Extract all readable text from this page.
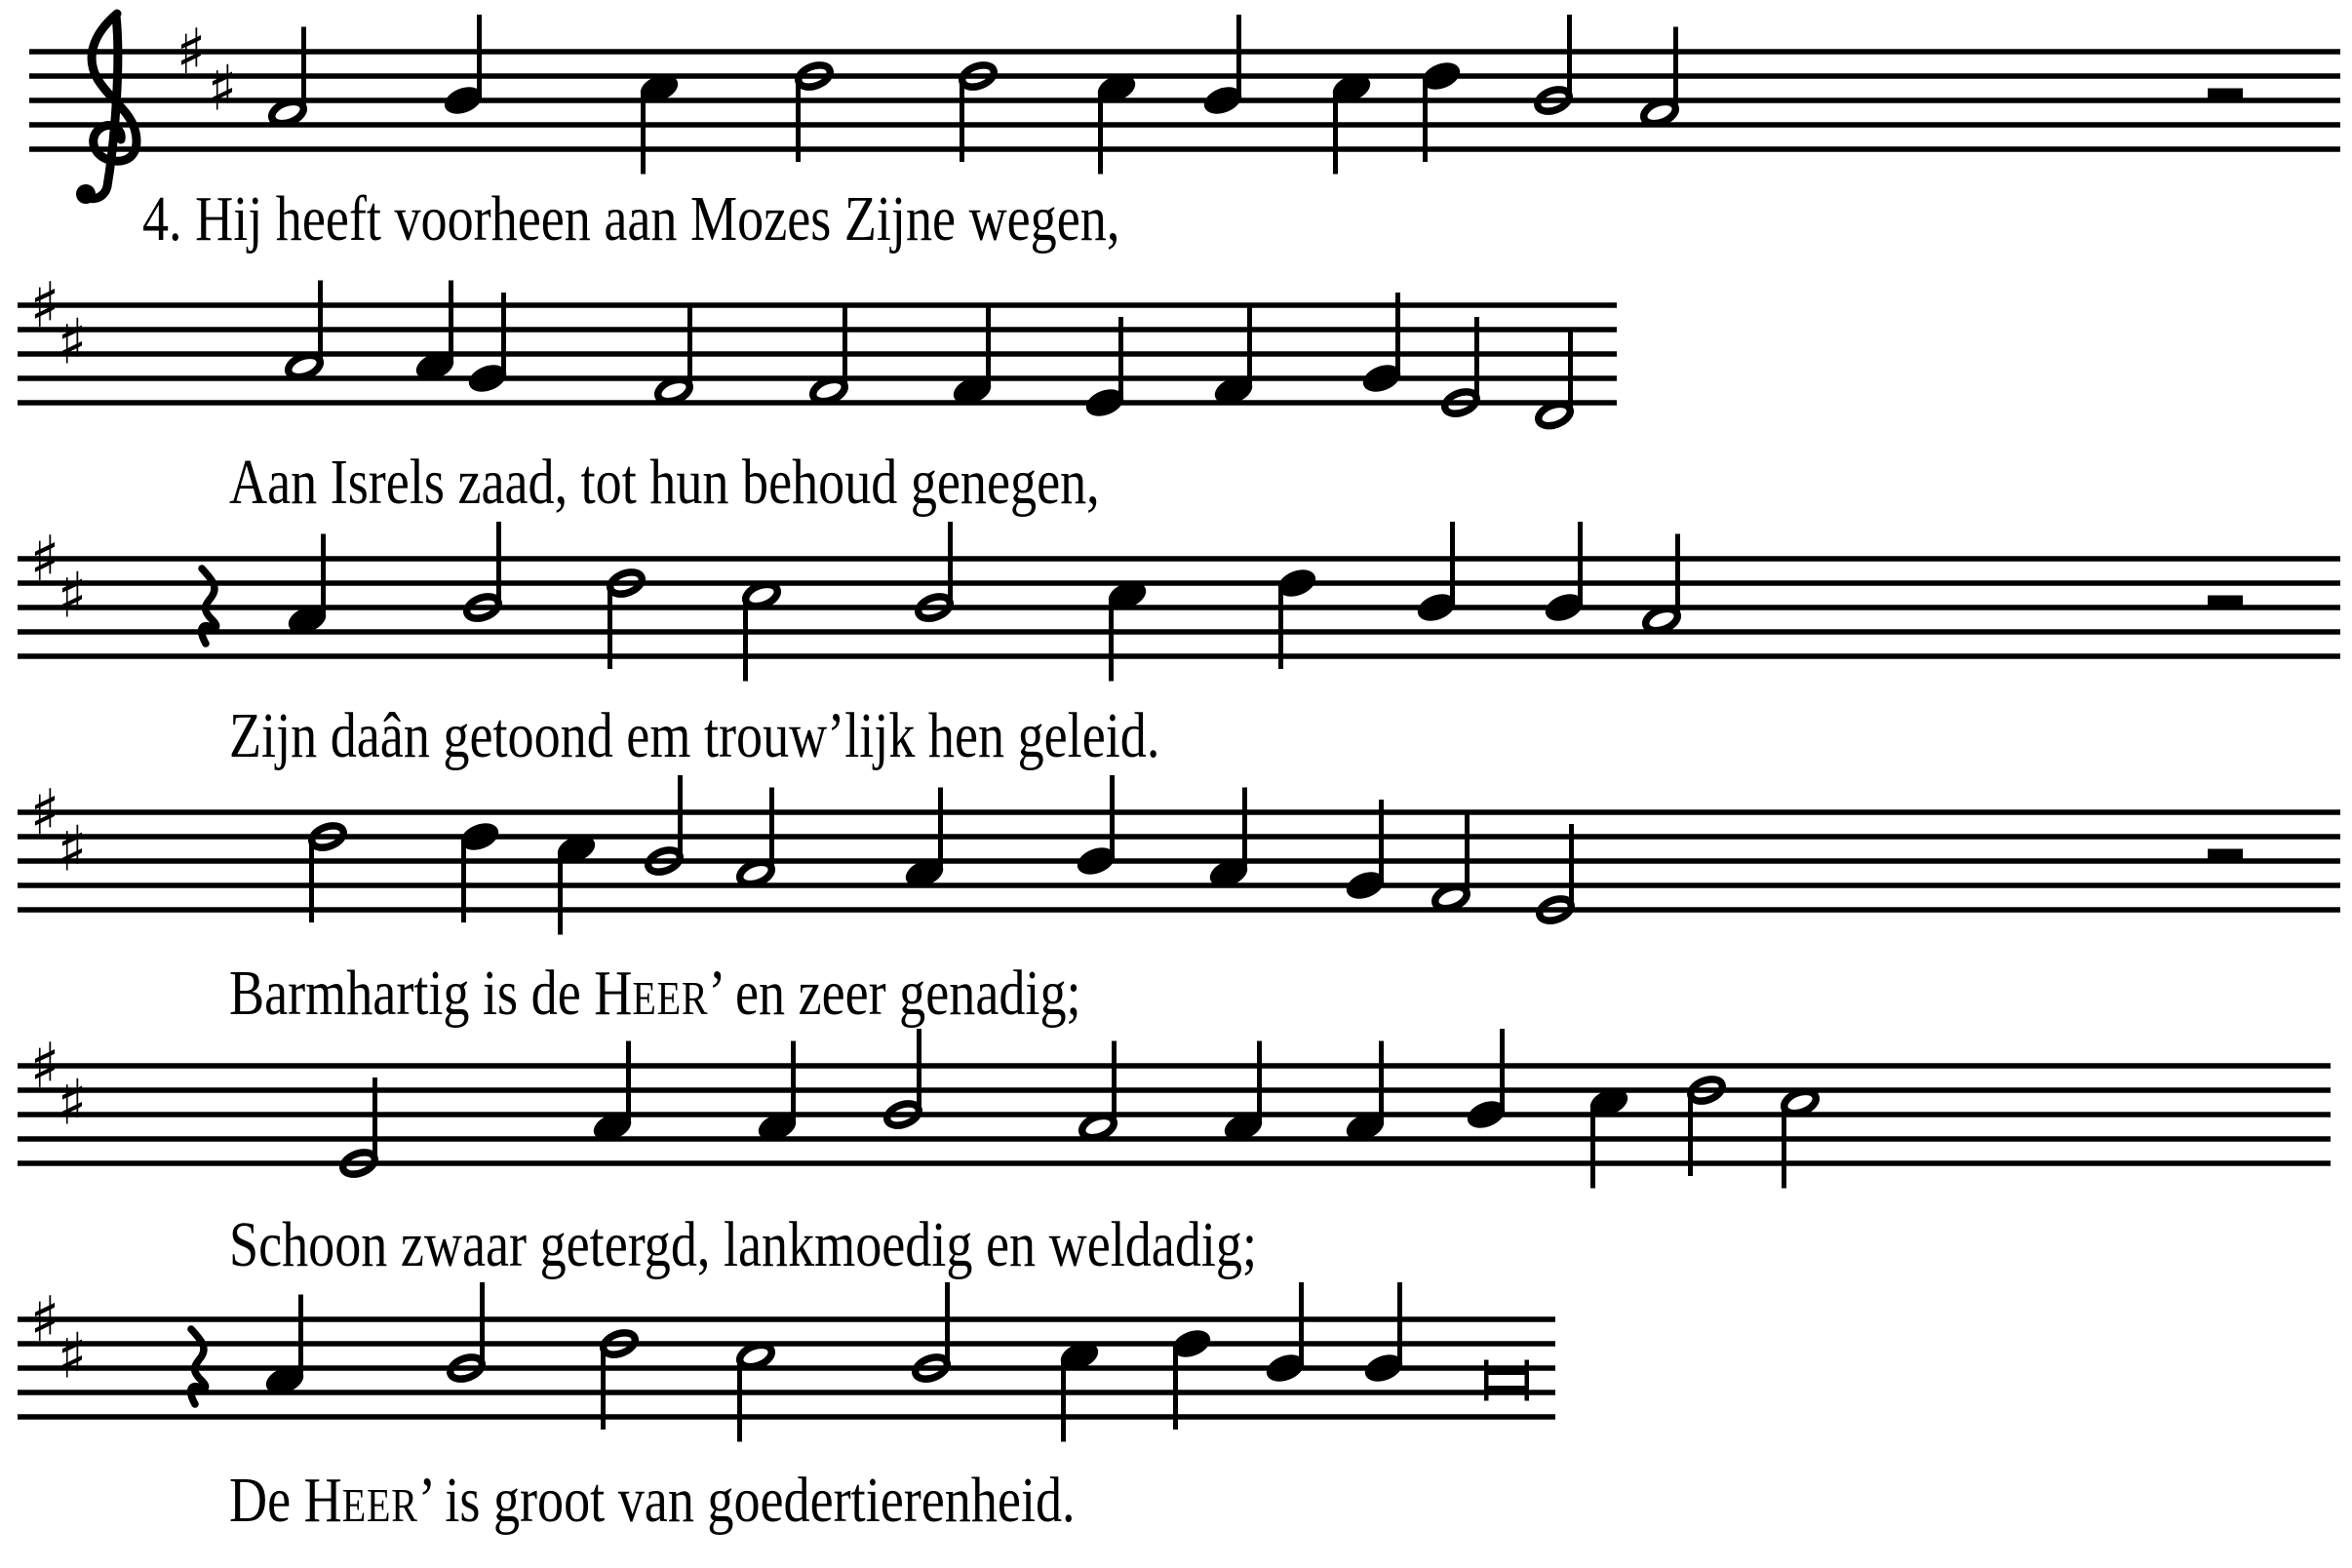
♯
♯
♯
♯
♯
♯
♯
♯
♯
♯
♯
♯
4. Hij heeft voorheen aan Mozes Zijne wegen,
Aan Isrels zaad, tot hun behoud genegen,
Zijn daân getoond em trouw’lijk hen geleid.
Barmhartig is de HEER’ en zeer genadig;
Schoon zwaar getergd, lankmoedig en weldadig;
De HEER’ is groot van goedertierenheid.
